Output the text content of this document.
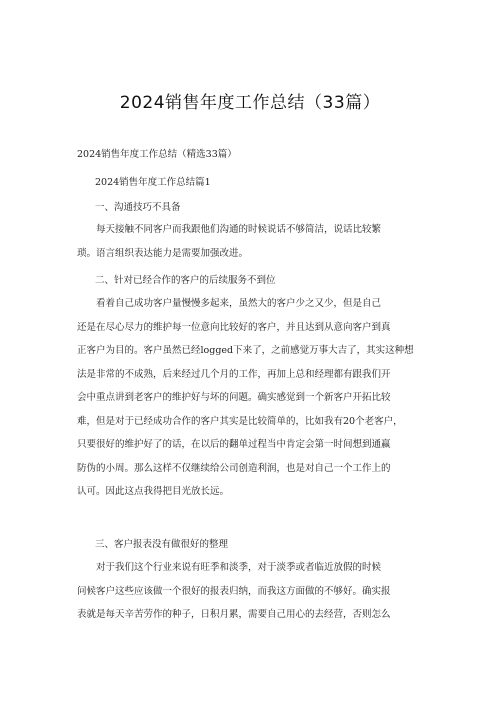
2024销售年度工作总结（33篇）
2024销售年度工作总结（精选33篇）
2024销售年度工作总结篇1
一、沟通技巧不具备

每天接触不同客户而我跟他们沟通的时候说话不够简洁，说话比较繁

琐。语言组织表达能力是需要加强改进。

二、针对已经合作的客户的后续服务不到位

看着自己成功客户量慢慢多起来，虽然大的客户少之又少，但是自己

还是在尽心尽力的维护每一位意向比较好的客户，并且达到从意向客户到真

正客户为目的。客户虽然已经logged下来了，之前感觉万事大吉了，其实这种想

法是非常的不成熟，后来经过几个月的工作，再加上总和经理都有跟我们开

会中重点讲到老客户的维护好与坏的问题。确实感觉到一个新客户开拓比较

难，但是对于已经成功合作的客户其实是比较简单的，比如我有20个老客户，

只要很好的维护好了的话，在以后的翻单过程当中肯定会第一时间想到通赢

防伪的小周。那么这样不仅继续给公司创造利润，也是对自己一个工作上的

认可。因此这点我得把目光放长远。

三、客户报表没有做很好的整理

对于我们这个行业来说有旺季和淡季，对于淡季或者临近放假的时候

问候客户这些应该做一个很好的报表归纳，而我这方面做的不够好。确实报

表就是每天辛苦劳作的种子，日积月累，需要自己用心的去经营，否则怎么
